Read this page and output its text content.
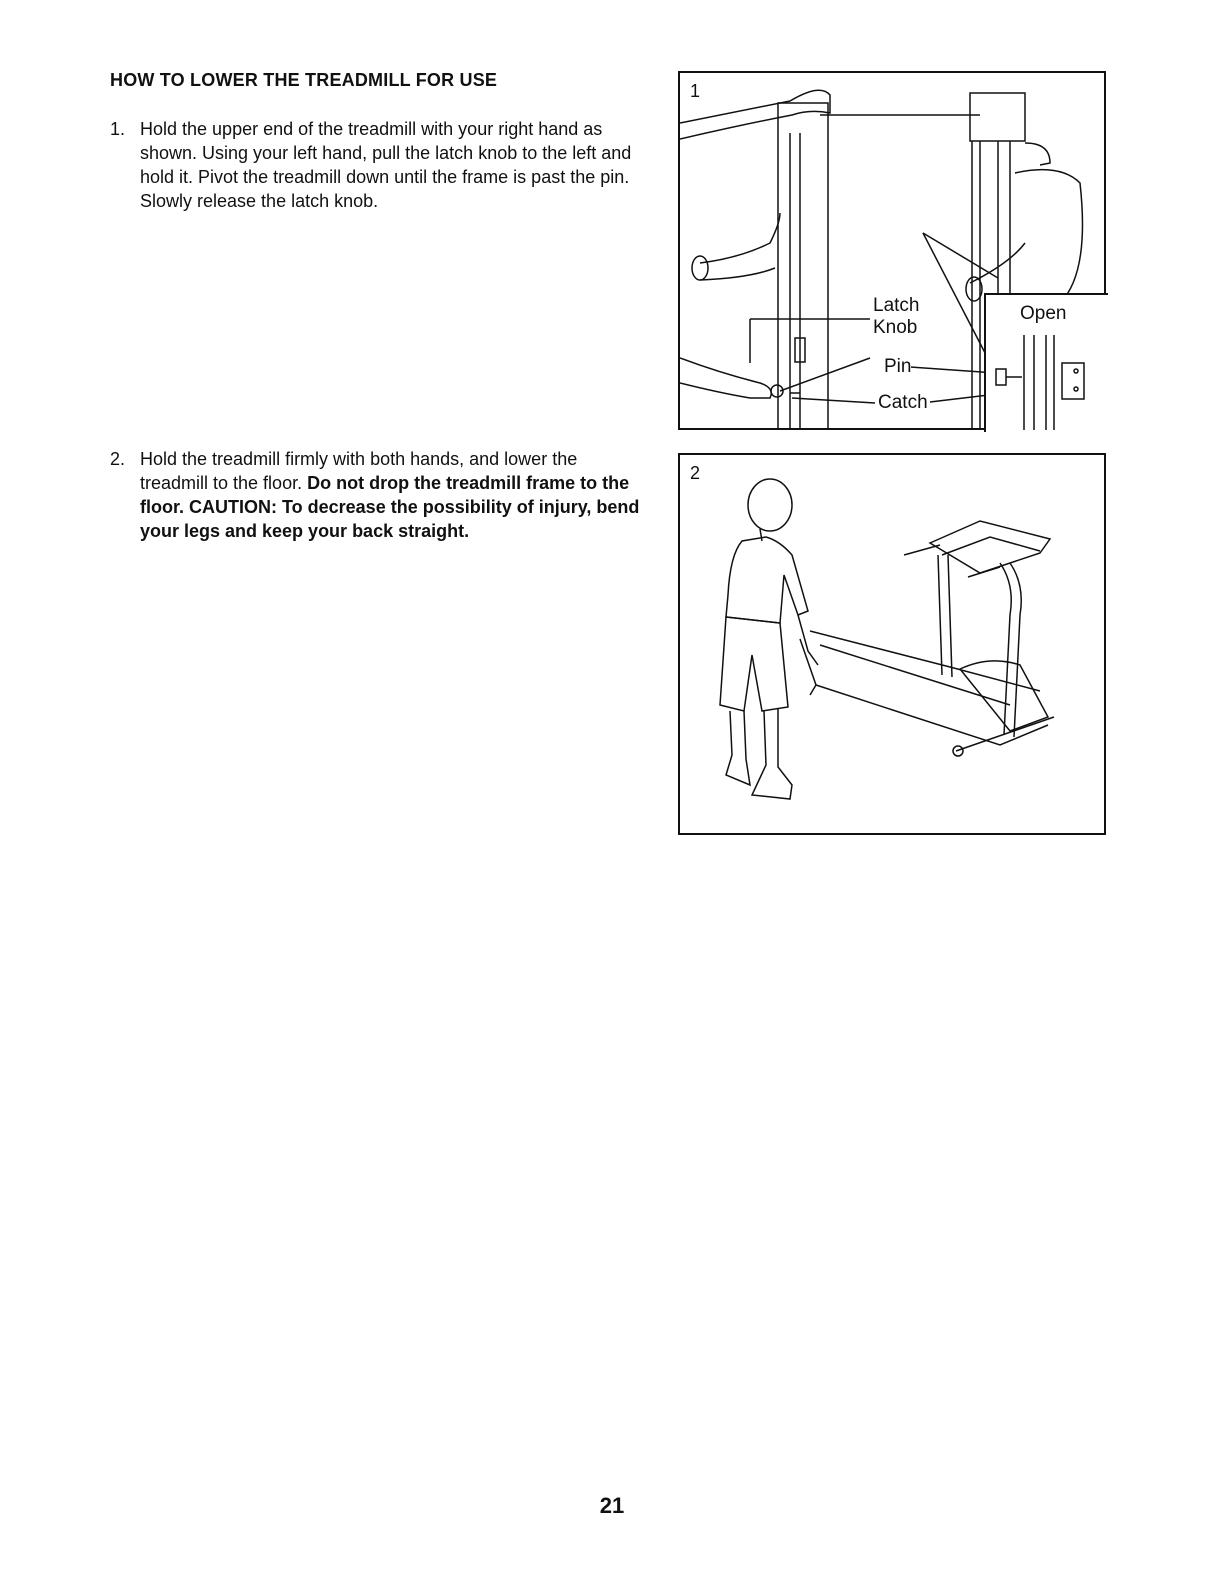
HOW TO LOWER THE TREADMILL FOR USE
1. Hold the upper end of the treadmill with your right hand as shown. Using your left hand, pull the latch knob to the left and hold it. Pivot the treadmill down until the frame is past the pin. Slowly release the latch knob.
2. Hold the treadmill firmly with both hands, and lower the treadmill to the floor. Do not drop the treadmill frame to the floor. CAUTION: To decrease the possibility of injury, bend your legs and keep your back straight.
1
Latch
Knob
Pin
Catch
Open
2
21
